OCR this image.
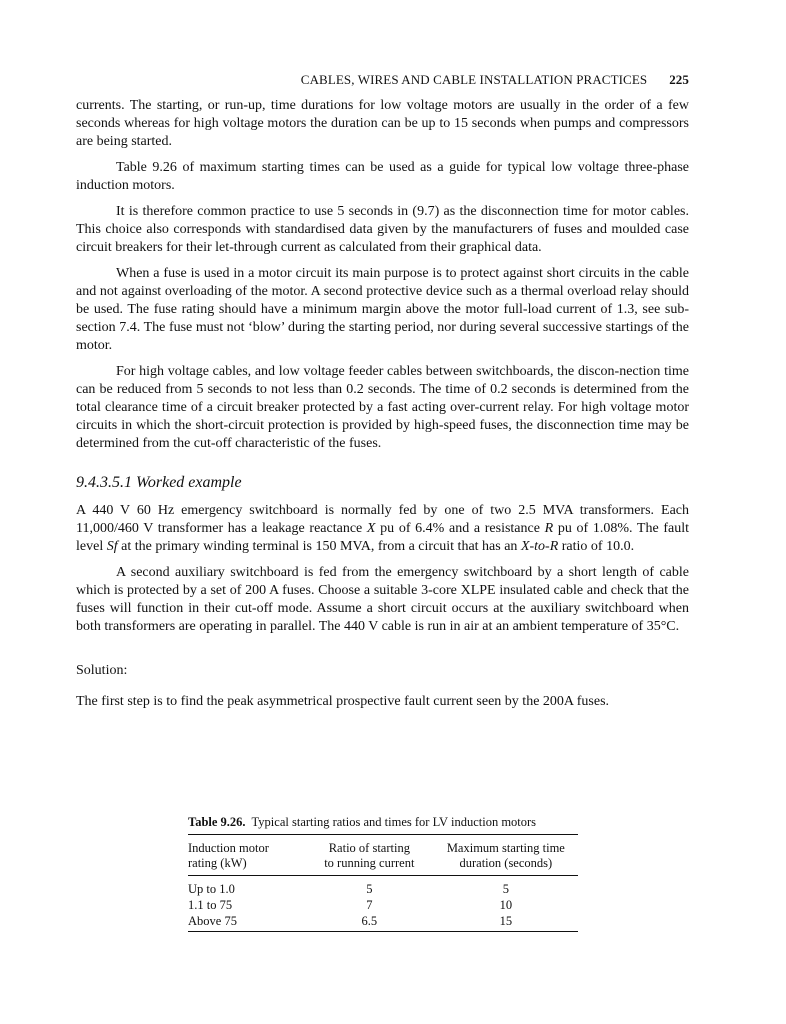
CABLES, WIRES AND CABLE INSTALLATION PRACTICES 225

currents. The starting, or run-up, time durations for low voltage motors are usually in the order of a few seconds whereas for high voltage motors the duration can be up to 15 seconds when pumps and compressors are being started.

Table 9.26 of maximum starting times can be used as a guide for typical low voltage three-phase induction motors.

It is therefore common practice to use 5 seconds in (9.7) as the disconnection time for motor cables. This choice also corresponds with standardised data given by the manufacturers of fuses and moulded case circuit breakers for their let-through current as calculated from their graphical data.

When a fuse is used in a motor circuit its main purpose is to protect against short circuits in the cable and not against overloading of the motor. A second protective device such as a thermal overload relay should be used. The fuse rating should have a minimum margin above the motor full-load current of 1.3, see sub-section 7.4. The fuse must not ‘blow’ during the starting period, nor during several successive startings of the motor.

For high voltage cables, and low voltage feeder cables between switchboards, the discon-nection time can be reduced from 5 seconds to not less than 0.2 seconds. The time of 0.2 seconds is determined from the total clearance time of a circuit breaker protected by a fast acting over-current relay. For high voltage motor circuits in which the short-circuit protection is provided by high-speed fuses, the disconnection time may be determined from the cut-off characteristic of the fuses.

9.4.3.5.1 Worked example

A 440 V 60 Hz emergency switchboard is normally fed by one of two 2.5 MVA transformers. Each 11,000/460 V transformer has a leakage reactance X pu of 6.4% and a resistance R pu of 1.08%. The fault level Sf at the primary winding terminal is 150 MVA, from a circuit that has an X-to-R ratio of 10.0.

A second auxiliary switchboard is fed from the emergency switchboard by a short length of cable which is protected by a set of 200 A fuses. Choose a suitable 3-core XLPE insulated cable and check that the fuses will function in their cut-off mode. Assume a short circuit occurs at the auxiliary switchboard when both transformers are operating in parallel. The 440 V cable is run in air at an ambient temperature of 35°C.

Solution:

The first step is to find the peak asymmetrical prospective fault current seen by the 200A fuses.

Table 9.26. Typical starting ratios and times for LV induction motors
Induction motor	Ratio of starting	Maximum starting time
rating (kW)	to running current	duration (seconds)
Up to 1.0	5	5
1.1 to 75	7	10
Above 75	6.5	15
